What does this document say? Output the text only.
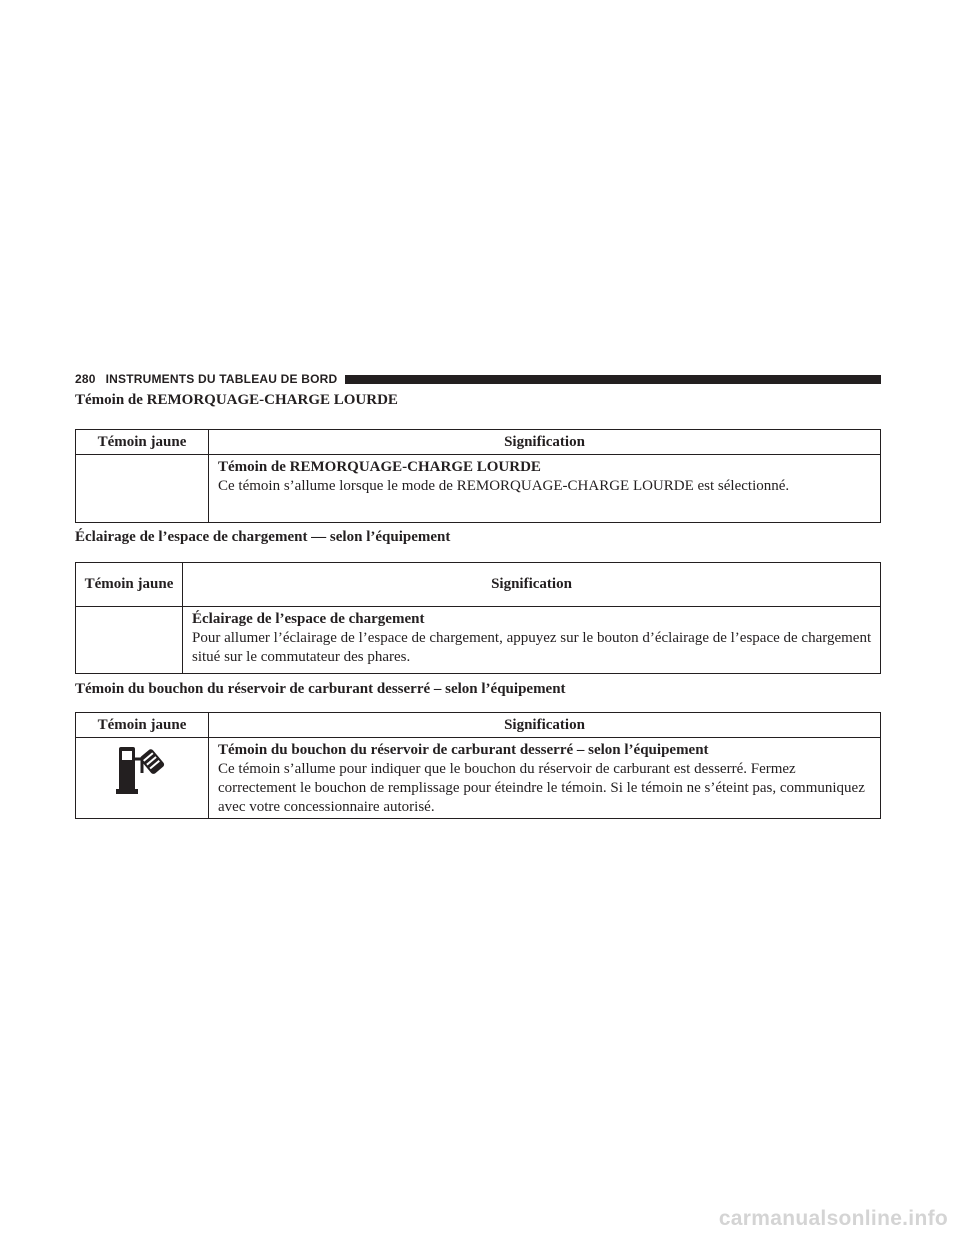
280 INSTRUMENTS DU TABLEAU DE BORD
Témoin de REMORQUAGE-CHARGE LOURDE
Témoin jaune	Signification

	Témoin de REMORQUAGE-CHARGE LOURDE
Ce témoin s’allume lorsque le mode de REMORQUAGE-CHARGE LOURDE est sélectionné.
Éclairage de l’espace de chargement — selon l’équipement
Témoin jaune	Signification

	Éclairage de l’espace de chargement
Pour allumer l’éclairage de l’espace de chargement, appuyez sur le bouton d’éclairage de l’espace de chargement situé sur le commutateur des phares.
Témoin du bouchon du réservoir de carburant desserré – selon l’équipement
Témoin jaune	Signification

Témoin du bouchon du réservoir de carburant desserré – selon l’équipement
Ce témoin s’allume pour indiquer que le bouchon du réservoir de carburant est desserré. Fermez correctement le bouchon de remplissage pour éteindre le témoin. Si le témoin ne s’éteint pas, communiquez avec votre concessionnaire autorisé.
carmanualsonline.info
